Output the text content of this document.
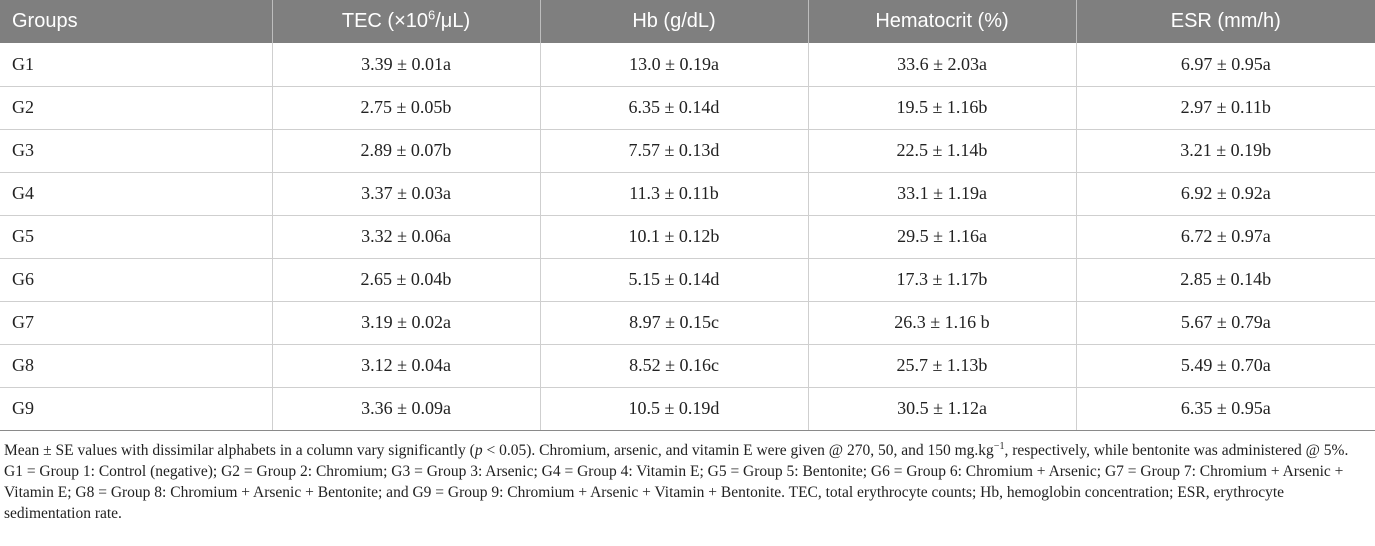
Groups	TEC $(\times 10^6/\mu L)$	Hb (g/dL)	Hematocrit (%)	ESR (mm/h)
G1	3.39 ± 0.01a	13.0 ± 0.19a	33.6 ± 2.03a	6.97 ± 0.95a
G2	2.75 ± 0.05b	6.35 ± 0.14d	19.5 ± 1.16b	2.97 ± 0.11b
G3	2.89 ± 0.07b	7.57 ± 0.13d	22.5 ± 1.14b	3.21 ± 0.19b
G4	3.37 ± 0.03a	11.3 ± 0.11b	33.1 ± 1.19a	6.92 ± 0.92a
G5	3.32 ± 0.06a	10.1 ± 0.12b	29.5 ± 1.16a	6.72 ± 0.97a
G6	2.65 ± 0.04b	5.15 ± 0.14d	17.3 ± 1.17b	2.85 ± 0.14b
G7	3.19 ± 0.02a	8.97 ± 0.15c	26.3 ± 1.16 b	5.67 ± 0.79a
G8	3.12 ± 0.04a	8.52 ± 0.16c	25.7 ± 1.13b	5.49 ± 0.70a
G9	3.36 ± 0.09a	10.5 ± 0.19d	30.5 ± 1.12a	6.35 ± 0.95a

Mean ± SE values with dissimilar alphabets in a column vary significantly (p < 0.05). Chromium, arsenic, and vitamin E were given @ 270, 50, and 150 $mg.kg^{-1}$, respectively, while bentonite was administered @ 5%. G1 = Group 1: Control (negative); G2 = Group 2: Chromium; G3 = Group 3: Arsenic; G4 = Group 4: Vitamin E; G5 = Group 5: Bentonite; G6 = Group 6: Chromium + Arsenic; G7 = Group 7: Chromium + Arsenic + Vitamin E; G8 = Group 8: Chromium + Arsenic + Bentonite; and G9 = Group 9: Chromium + Arsenic + Vitamin + Bentonite. TEC, total erythrocyte counts; Hb, hemoglobin concentration; ESR, erythrocyte sedimentation rate.
